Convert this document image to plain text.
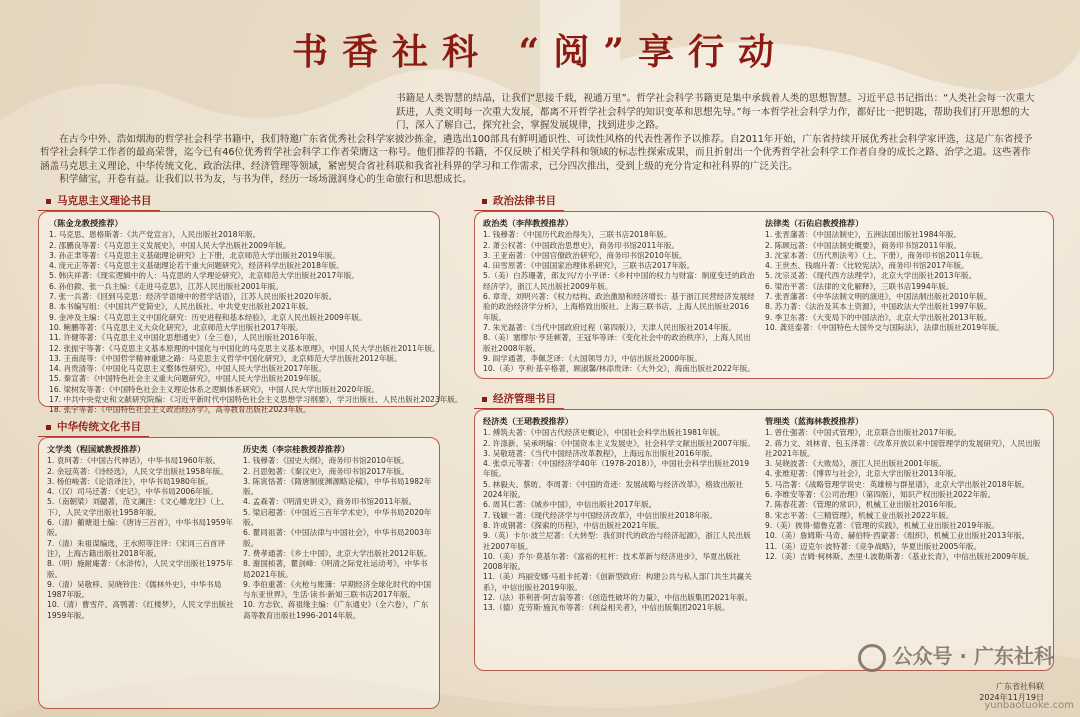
书香社科 “阅”享行动

书籍是人类智慧的结晶，让我们“思接千载，视通万里”。哲学社会科学书籍更是集中承载着人类的思想智慧。习近平总书记指出：“人类社会每一次重大跃进，人类文明每一次重大发展，都离不开哲学社会科学的知识变革和思想先导。”每一本哲学社会科学力作，都好比一把钥匙，帮助我们打开思想的大门，深入了解自己，探究社会，掌握发展规律，找到进步之路。

在古今中外、浩如烟海的哲学社会科学书籍中，我们特邀广东省优秀社会科学家披沙拣金，遴选出100部具有鲜明通识性、可读性风格的代表性著作予以推荐。自2011年开始，广东省持续开展优秀社会科学家评选，这是广东省授予哲学社会科学工作者的最高荣誉，迄今已有46位优秀哲学社会科学工作者荣膺这一称号。他们推荐的书籍，不仅反映了相关学科和领域的标志性探索成果，而且折射出一个优秀哲学社会科学工作者自身的成长之路、治学之道。这些著作涵盖马克思主义理论、中华传统文化、政治法律、经济管理等领域，紧密契合省社科联和我省社科界的学习和工作需求，已分四次推出，受到上级的充分肯定和社科界的广泛关注。

积学储宝，开卷有益。让我们以书为友，与书为伴，经历一场场滋润身心的生命旅行和思想成长。

马克思主义理论书目
（陈金龙教授推荐）
1. 马克思、恩格斯著：《共产党宣言》，人民出版社2018年版。
2. 邵鹏良等著：《马克思主义发展史》，中国人民大学出版社2009年版。
3. 孙正聿等著：《马克思主义基础理论研究》上下册，北京师范大学出版社2019年版。
4. 庞元正等著：《马克思主义基础理论若干重大问题研究》，经济科学出版社2018年版。
5. 韩庆祥著：《现实逻辑中的人：马克思的人学理论研究》，北京师范大学出版社2017年版。
6. 孙伯鍨、张一兵主编：《走进马克思》，江苏人民出版社2001年版。
7. 张一兵著：《回到马克思：经济学语境中的哲学话语》，江苏人民出版社2020年版。
8. 本书编写组：《中国共产党简史》，人民出版社、中共党史出版社2021年版。
9. 金冲及主编：《马克思主义中国化研究：历史进程和基本经验》，北京人民出版社2009年版。
10. 鲍鹏等著：《马克思主义大众化研究》，北京师范大学出版社2017年版。
11. 许健等著：《马克思主义中国化思想通史》（全三卷），人民出版社2016年版。
12. 张振宇等著：《马克思主义基本原理的中国化与中国化的马克思主义基本原理》，中国人民大学出版社2011年版。
13. 王南湜等：《中国哲学精神重建之路：马克思主义哲学中国化研究》，北京师范大学出版社2012年版。
14. 肖贵清等：《中国化马克思主义整体性研究》，中国人民大学出版社2017年版。
15. 秦宣著：《中国特色社会主义重大问题研究》，中国人民大学出版社2019年版。
16. 梁树发等著：《中国特色社会主义理论体系之逻辑体系研究》，中国人民大学出版社2020年版。
17. 中共中央党史和文献研究院编：《习近平新时代中国特色社会主义思想学习纲要》，学习出版社、人民出版社2023年版。
18. 张宇等著：《中国特色社会主义政治经济学》，高等教育出版社2023年版。
中华传统文化书目
文学类（程国斌教授推荐）
1. 袁珂著：《中国古代神话》，中华书局1960年版。
2. 余冠英著：《诗经选》，人民文学出版社1958年版。
3. 杨伯峻著：《论语译注》，中华书局1980年版。
4.（汉）司马迁著：《史记》，中华书局2006年版。
5.（南朝梁）刘勰著，范文澜注：《文心雕龙注》（上、下），人民文学出版社1958年版。
6.（清）蘅塘退士编：《唐诗三百首》，中华书局1959年版。
7.（清）朱祖谋编选，王水照等注评：《宋词三百首评注》，上海古籍出版社2018年版。
8.（明）施耐庵著：《水浒传》，人民文学出版社1975年版。
9.（清）吴敬梓、吴晓铃注：《儒林外史》，中华书局1987年版。
10.（清）曹雪芹、高鹗著：《红楼梦》，人民文学出版社1959年版。
历史类（李宗桂教授荐推荐）
1. 钱穆著：《国史大纲》，商务印书馆2010年版。
2. 吕思勉著：《秦汉史》，商务印书馆2017年版。
3. 陈寅恪著：《隋唐制度渊源略论稿》，中华书局1982年版。
4. 孟森著：《明清史讲义》，商务印书馆2011年版。
5. 梁启超著：《中国近三百年学术史》，中华书局2020年版。
6. 瞿同祖著：《中国法律与中国社会》，中华书局2003年版。
7. 费孝通著：《乡土中国》，北京大学出版社2012年版。
8. 谢国桢著，瞿剑峰：《明清之际党社运动考》，中华书局2021年版。
9. 李伯重著：《火枪与账簿：早期经济全球化时代的中国与东亚世界》，生活·读书·新知三联书店2017年版。
10. 方志钦、蒋祖缘主编：《广东通史》（全六卷），广东高等教育出版社1996-2014年版。
政治法律书目
政治类（李萍教授推荐）
1. 钱穆著：《中国历代政治得失》，三联书店2018年版。
2. 萧公权著：《中国政治思想史》，商务印书馆2011年版。
3. 王亚南著：《中国官僚政治研究》，商务印书馆2010年版。
4. 田雪原著：《中国国家治理体系研究》，三联书店2017年版。
5.（美）白苏珊著，郎友兴/方小平译：《乡村中国的权力与财富：制度变迁的政治经济学》，浙江人民出版社2009年版。
6. 章奇、刘明兴著：《权力结构、政治激励和经济增长：基于浙江民营经济发展经验的政治经济学分析》，上海格致出版社、上海三联书店、上海人民出版社2016年版。
7. 朱光磊著：《当代中国政府过程（第四版）》，天津人民出版社2014年版。
8.（美）塞缪尔·亨廷顿著，王冠华等译：《变化社会中的政治秩序》，上海人民出版社2008年版。
9. 阎学通著，李佩芝译：《大国领导力》，中信出版社2000年版。
10.（美）亨利·基辛格著，顾淑馨/林添贵译：《大外交》，海南出版社2022年版。
法律类（石佑启教授推荐）
1. 张晋藩著：《中国法制史》，五洲法国出版社1984年版。
2. 陈顾远著：《中国法制史概要》，商务印书馆2011年版。
3. 沈家本著：《历代刑法考》（上、下册），商务印书馆2011年版。
4. 王世杰、钱端升著：《比较宪法》，商务印书馆2017年版。
5. 沈宗灵著：《现代西方法理学》，北京大学出版社2013年版。
6. 梁治平著：《法律的文化解释》，三联书店1994年版。
7. 张晋藩著：《中华法制文明的演进》，中国法制出版社2010年版。
8. 苏力著：《法治及其本土资源》，中国政法大学出版社1997年版。
9. 季卫东著：《大变局下的中国法治》，北京大学出版社2013年版。
10. 龚廷泰著：《中国特色大国外交与国际法》，法律出版社2019年版。
经济管理书目
经济类（王珺教授推荐）
1. 傅筑夫著：《中国古代经济史概论》，中国社会科学出版社1981年版。
2. 许涤新、吴承明编：《中国资本主义发展史》，社会科学文献出版社2007年版。
3. 吴敬琏著：《当代中国经济改革教程》，上海远东出版社2016年版。
4. 张卓元等著：《中国经济学40年（1978-2018）》，中国社会科学出版社2019年版。
5. 林毅夫、蔡昉、李周著：《中国的奇迹：发展战略与经济改革》，格致出版社2024年版。
6. 周其仁著：《城乡中国》，中信出版社2017年版。
7. 钱颖一著：《现代经济学与中国经济改革》，中信出版社2018年版。
8. 许成钢著：《探索的历程》，中信出版社2021年版。
9.（英）卡尔·波兰尼著：《大转型：我们时代的政治与经济起源》，浙江人民出版社2007年版。
10.（美）乔尔·莫基尔著：《富裕的杠杆：技术革新与经济进步》，华夏出版社2008年版。
11.（美）玛丽安娜·马祖卡托著：《创新型政府：构建公共与私人部门共生共赢关系》，中信出版社2019年版。
12.（法）菲利普·阿吉翁等著：《创造性破坏的力量》，中信出版集团2021年版。
13.（德）克劳斯·施瓦布等著：《利益相关者》，中信出版集团2021年版。
管理类（蓝海林教授推荐）
1. 曾仕强著：《中国式管理》，北京联合出版社2017年版。
2. 蒋力文、刘林青、包玉泽著：《改革开放以来中国管理学的发展研究》，人民出版社2021年版。
3. 吴晓波著：《大败局》，浙江人民出版社2001年版。
4. 张维迎著：《博弈与社会》，北京大学出版社2013年版。
5. 马浩著：《战略管理学说史：英雄榜与群星谱》，北京大学出版社2018年版。
6. 李维安等著：《公司治理》（第四版），知识产权出版社2022年版。
7. 陈春花著：《管理的常识》，机械工业出版社2016年版。
8. 宋志平著：《三精管理》，机械工业出版社2022年版。
9.（美）彼得·德鲁克著：《管理的实践》，机械工业出版社2019年版。
10.（美）詹姆斯·马奇、赫伯特·西蒙著：《组织》，机械工业出版社2013年版。
11.（美）迈克尔·波特著：《竞争战略》，华夏出版社2005年版。
12.（美）吉姆·柯林斯、杰里·I.波勒斯著：《基业长青》，中信出版社2009年版。
公众号 · 广东社科
广东省社科联
2024年11月19日
yunbaotuoke.com
